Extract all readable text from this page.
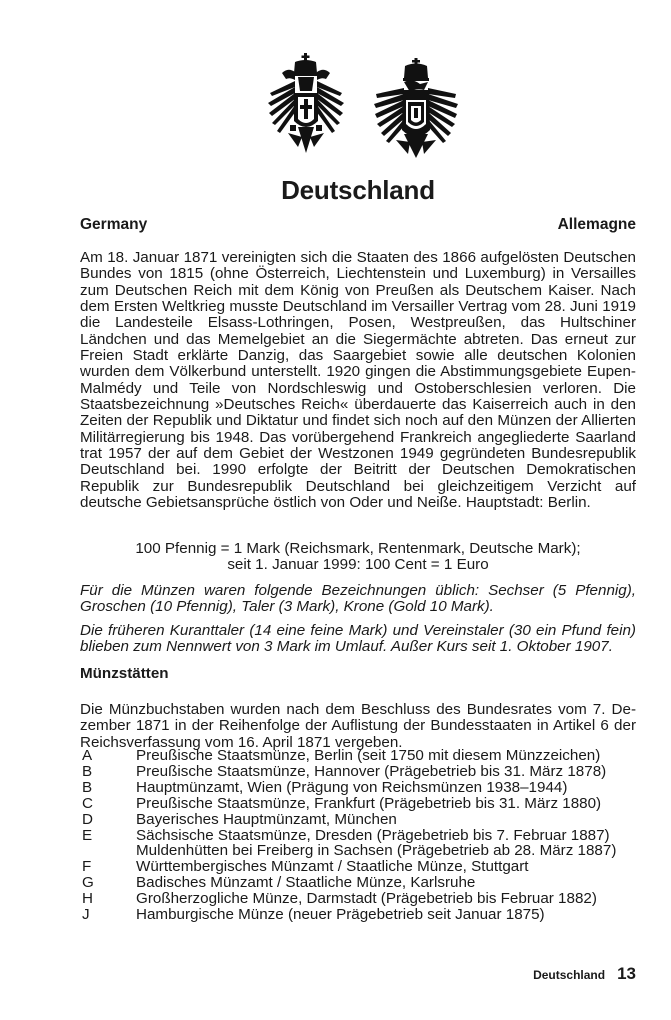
Deutschland
Germany	Allemagne

Am 18. Januar 1871 vereinigten sich die Staaten des 1866 aufgelösten Deutschen Bundes von 1815 (ohne Österreich, Liechtenstein und Luxemburg) in Versailles zum Deutschen Reich mit dem König von Preußen als Deutschem Kaiser. Nach dem Ersten Weltkrieg musste Deutschland im Versailler Vertrag vom 28. Juni 1919 die Landesteile Elsass-Lothringen, Posen, Westpreußen, das Hultschiner Ländchen und das Memelgebiet an die Siegermächte abtreten. Das erneut zur Freien Stadt erklärte Danzig, das Saargebiet sowie alle deutschen Kolonien wurden dem Völkerbund unterstellt. 1920 gingen die Abstimmungsgebiete Eupen-Malmédy und Teile von Nordschleswig und Ostoberschlesien verloren. Die Staatsbezeichnung »Deutsches Reich« überdauerte das Kaiserreich auch in den Zeiten der Republik und Diktatur und findet sich noch auf den Münzen der Allierten Militärregierung bis 1948. Das vorübergehend Frankreich angegliederte Saarland trat 1957 der auf dem Gebiet der Westzonen 1949 gegründeten Bundesrepublik Deutschland bei. 1990 erfolgte der Beitritt der Deutschen Demokratischen Republik zur Bundesrepublik Deutschland bei gleichzeitigem Verzicht auf deutsche Gebietsansprüche östlich von Oder und Neiße. Hauptstadt: Berlin.

100 Pfennig = 1 Mark (Reichsmark, Rentenmark, Deutsche Mark);
seit 1. Januar 1999: 100 Cent = 1 Euro

Für die Münzen waren folgende Bezeichnungen üblich: Sechser (5 Pfennig), Groschen (10 Pfennig), Taler (3 Mark), Krone (Gold 10 Mark).

Die früheren Kuranttaler (14 eine feine Mark) und Vereinstaler (30 ein Pfund fein) blieben zum Nennwert von 3 Mark im Umlauf. Außer Kurs seit 1. Oktober 1907.

Münzstätten

Die Münzbuchstaben wurden nach dem Beschluss des Bundesrates vom 7. Dezember 1871 in der Reihenfolge der Auflistung der Bundesstaaten in Artikel 6 der Reichsverfassung vom 16. April 1871 vergeben.

A	Preußische Staatsmünze, Berlin (seit 1750 mit diesem Münzzeichen)
B	Preußische Staatsmünze, Hannover (Prägebetrieb bis 31. März 1878)
B	Hauptmünzamt, Wien (Prägung von Reichsmünzen 1938–1944)
C	Preußische Staatsmünze, Frankfurt (Prägebetrieb bis 31. März 1880)
D	Bayerisches Hauptmünzamt, München
E	Sächsische Staatsmünze, Dresden (Prägebetrieb bis 7. Februar 1887)
Muldenhütten bei Freiberg in Sachsen (Prägebetrieb ab 28. März 1887)
F	Württembergisches Münzamt / Staatliche Münze, Stuttgart
G	Badisches Münzamt / Staatliche Münze, Karlsruhe
H	Großherzogliche Münze, Darmstadt (Prägebetrieb bis Februar 1882)
J	Hamburgische Münze (neuer Prägebetrieb seit Januar 1875)
Deutschland 13
